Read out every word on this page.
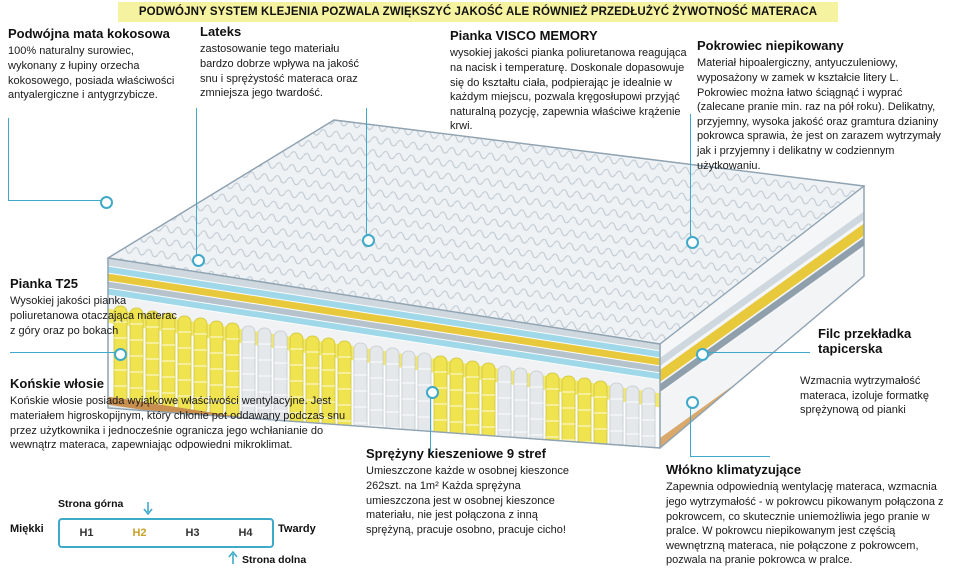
PODWÓJNY SYSTEM KLEJENIA POZWALA ZWIĘKSZYĆ JAKOŚĆ ALE RÓWNIEŻ PRZEDŁUŻYĆ ŻYWOTNOŚĆ MATERACA
Podwójna mata kokosowa

100% naturalny surowiec, wykonany z łupiny orzecha kokosowego, posiada właściwości antyalergiczne i antygrzybicze.

Lateks

zastosowanie tego materiału bardzo dobrze wpływa na jakość snu i sprężystość materaca oraz zmniejsza jego twardość.

Pianka VISCO MEMORY

wysokiej jakości pianka poliuretanowa reagująca na nacisk i temperaturę. Doskonale dopasowuje się do kształtu ciała, podpierając je idealnie w każdym miejscu, pozwala kręgosłupowi przyjąć naturalną pozycję, zapewnia właściwe krążenie krwi.

Pokrowiec niepikowany

Materiał hipoalergiczny, antyuczuleniowy, wyposażony w zamek w kształcie litery L. Pokrowiec można łatwo ściągnąć i wyprać (zalecane pranie min. raz na pół roku). Delikatny, przyjemny, wysoka jakość oraz gramtura dzianiny pokrowca sprawia, że jest on zarazem wytrzymały jak i przyjemny i delikatny w codziennym użytkowaniu.

Pianka T25

Wysokiej jakości pianka poliuretanowa otaczająca materac z góry oraz po bokach

Końskie włosie

Końskie włosie posiada wyjątkowe właściwości wentylacyjne. Jest materiałem higroskopijnym, który chłonie pot oddawany podczas snu przez użytkownika i jednocześnie ogranicza jego wchłanianie do wewnątrz materaca, zapewniając odpowiedni mikroklimat.

Filc przekładka tapicerska

Wzmacnia wytrzymałość materaca, izoluje formatkę sprężynową od pianki

Sprężyny kieszeniowe 9 stref

Umieszczone każde w osobnej kieszonce 262szt. na 1m² Każda sprężyna umieszczona jest w osobnej kieszonce materiału, nie jest połączona z inną sprężyną, pracuje osobno, pracuje cicho!

Włókno klimatyzujące

Zapewnia odpowiednią wentylację materaca, wzmacnia jego wytrzymałość - w pokrowcu pikowanym połączona z pokrowcem, co skutecznie uniemożliwia jego pranie w pralce. W pokrowcu niepikowanym jest częścią wewnętrzną materaca, nie połączone z pokrowcem, pozwala na pranie pokrowca w pralce.

Strona górna
Miękki	H1	H2	H3	H4	Twardy
Strona dolna
